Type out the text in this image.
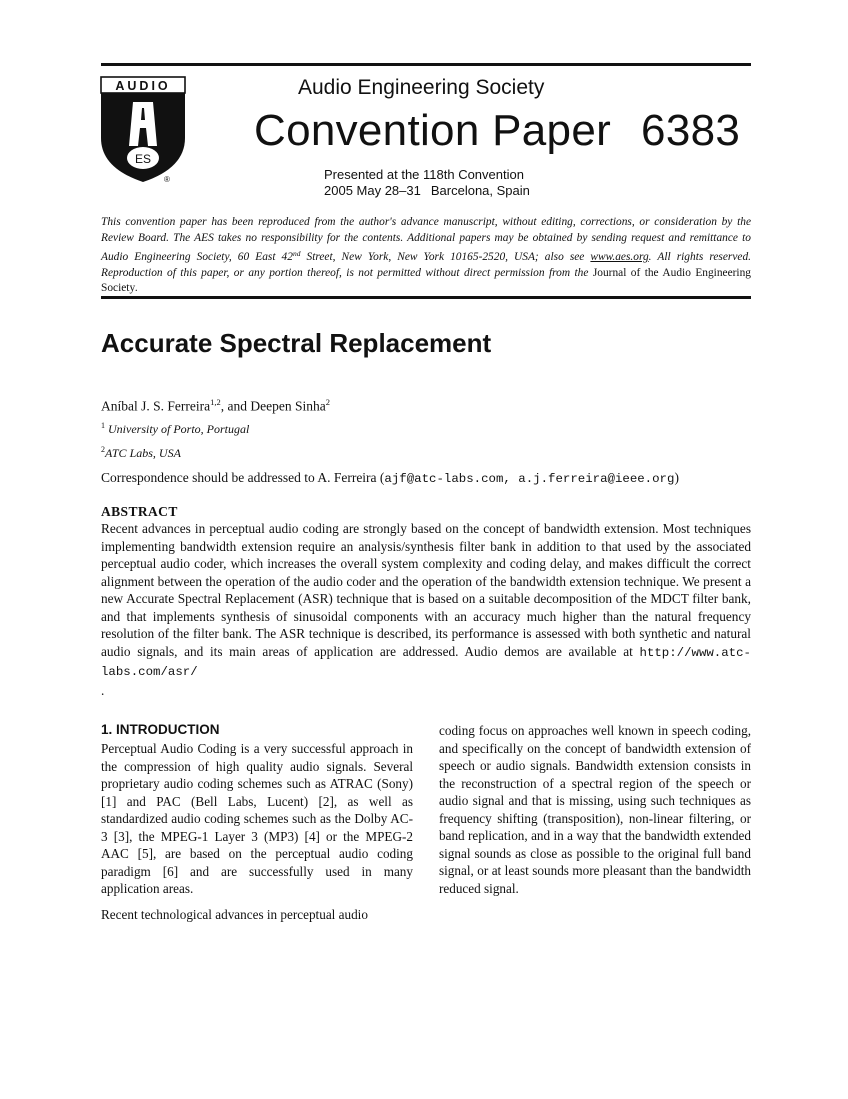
AUDIO
ES
®
Audio Engineering Society
Convention Paper 6383
Presented at the 118th Convention
2005 May 28–31 Barcelona, Spain
This convention paper has been reproduced from the author's advance manuscript, without editing, corrections, or consideration by the Review Board. The AES takes no responsibility for the contents. Additional papers may be obtained by sending request and remittance to Audio Engineering Society, 60 East 42nd Street, New York, New York 10165-2520, USA; also see www.aes.org. All rights reserved. Reproduction of this paper, or any portion thereof, is not permitted without direct permission from the Journal of the Audio Engineering Society.
Accurate Spectral Replacement
Aníbal J. S. Ferreira$^{1,2}$, and Deepen Sinha$^2$
$^1$ University of Porto, Portugal
$^2$ATC Labs, USA
Correspondence should be addressed to A. Ferreira (ajf@atc-labs.com, a.j.ferreira@ieee.org)
ABSTRACT
Recent advances in perceptual audio coding are strongly based on the concept of bandwidth extension. Most techniques implementing bandwidth extension require an analysis/synthesis filter bank in addition to that used by the associated perceptual audio coder, which increases the overall system complexity and coding delay, and makes difficult the correct alignment between the operation of the audio coder and the operation of the bandwidth extension technique. We present a new Accurate Spectral Replacement (ASR) technique that is based on a suitable decomposition of the MDCT filter bank, and that implements synthesis of sinusoidal components with an accuracy much higher than the natural frequency resolution of the filter bank. The ASR technique is described, its performance is assessed with both synthetic and natural audio signals, and its main areas of application are addressed. Audio demos are available at http://www.atc-labs.com/asr/
.
1. INTRODUCTION
Perceptual Audio Coding is a very successful approach in the compression of high quality audio signals. Several proprietary audio coding schemes such as ATRAC (Sony) [1] and PAC (Bell Labs, Lucent) [2], as well as standardized audio coding schemes such as the Dolby AC-3 [3], the MPEG-1 Layer 3 (MP3) [4] or the MPEG-2 AAC [5], are based on the perceptual audio coding paradigm [6] and are successfully used in many application areas.
Recent technological advances in perceptual audio
coding focus on approaches well known in speech coding, and specifically on the concept of bandwidth extension of speech or audio signals. Bandwidth extension consists in the reconstruction of a spectral region of the speech or audio signal and that is missing, using such techniques as frequency shifting (transposition), non-linear filtering, or band replication, and in a way that the bandwidth extended signal sounds as close as possible to the original full band signal, or at least sounds more pleasant than the bandwidth reduced signal.
